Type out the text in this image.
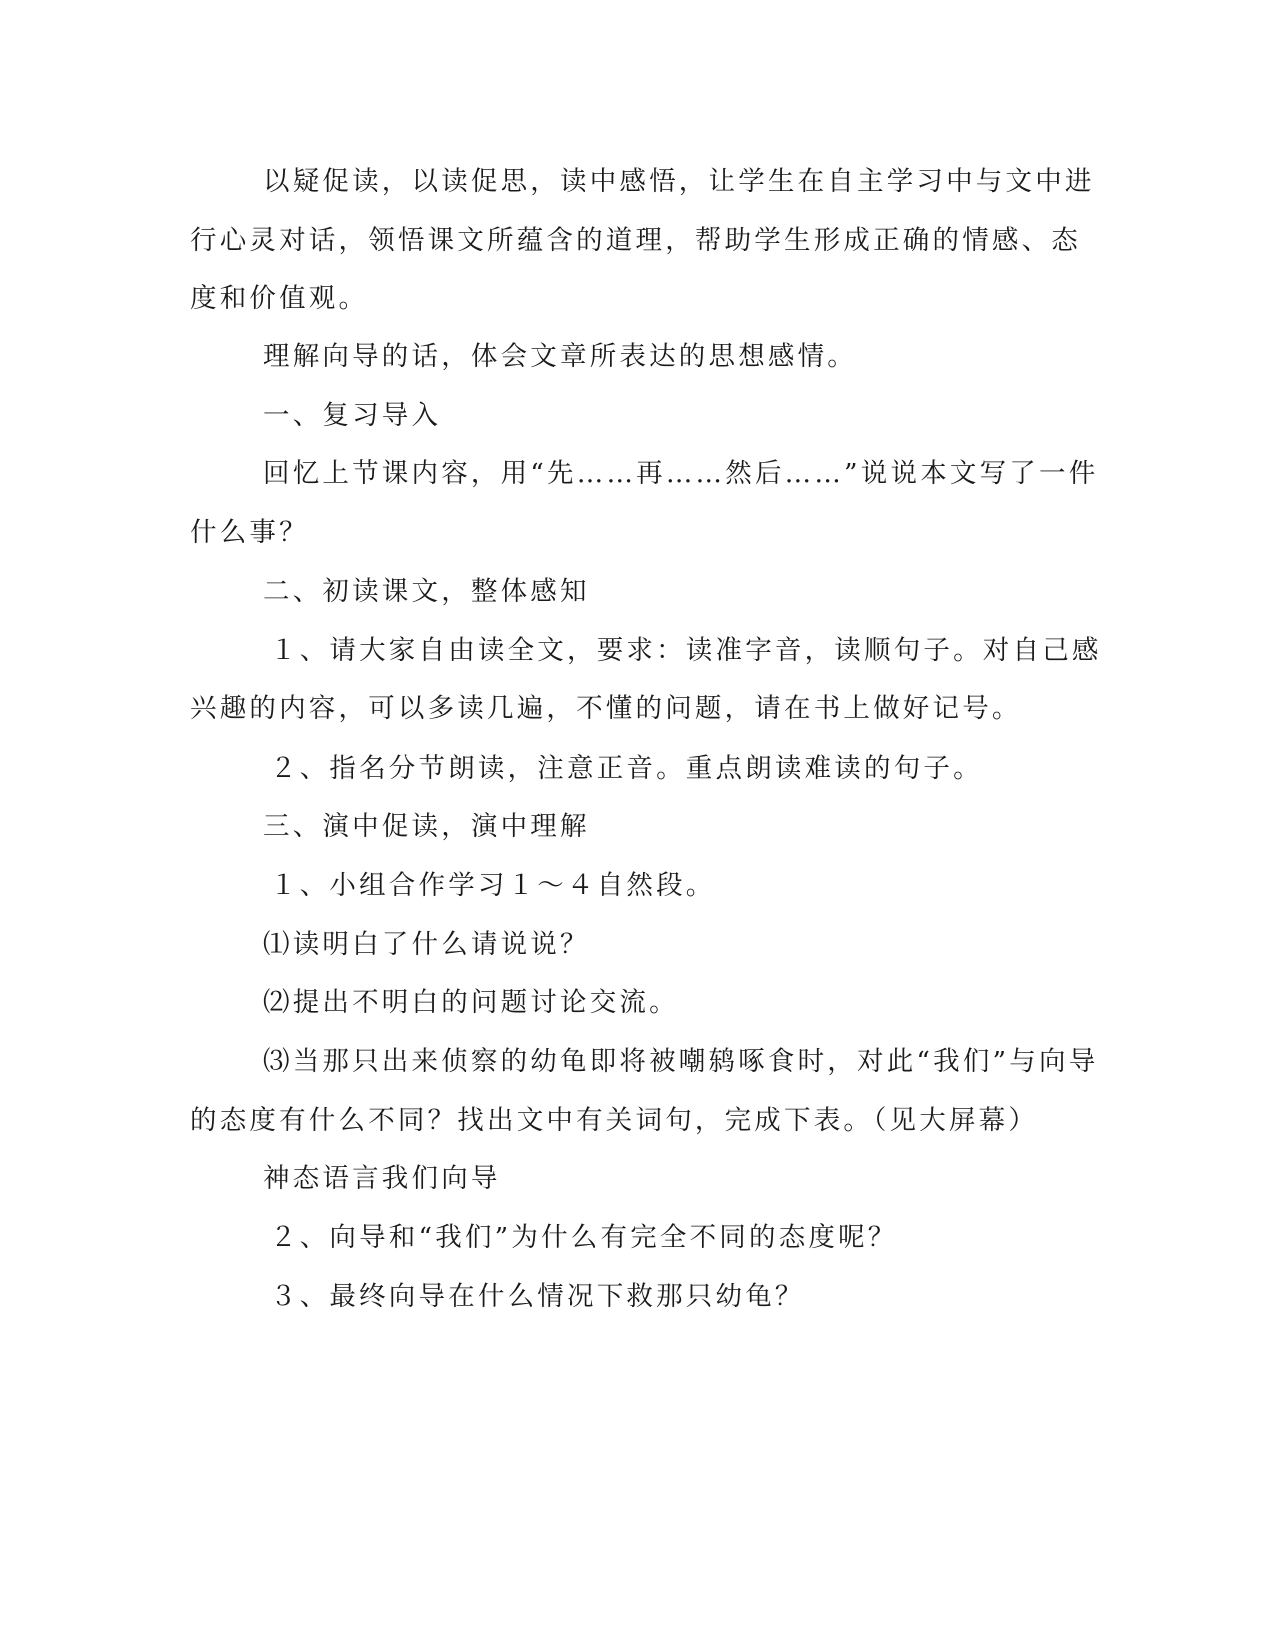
以疑促读，以读促思，读中感悟，让学生在自主学习中与文中进
行心灵对话，领悟课文所蕴含的道理，帮助学生形成正确的情感、态
度和价值观。
理解向导的话，体会文章所表达的思想感情。
一、复习导入
回忆上节课内容，用“先……再……然后……”说说本文写了一件
什么事？
二、初读课文，整体感知
１、请大家自由读全文，要求：读准字音，读顺句子。对自己感
兴趣的内容，可以多读几遍，不懂的问题，请在书上做好记号。
２、指名分节朗读，注意正音。重点朗读难读的句子。
三、演中促读，演中理解
１、小组合作学习１～４自然段。
⑴读明白了什么请说说？
⑵提出不明白的问题讨论交流。
⑶当那只出来侦察的幼龟即将被嘲鸫啄食时，对此“我们”与向导
的态度有什么不同？找出文中有关词句，完成下表。（见大屏幕）
神态语言我们向导
２、向导和“我们”为什么有完全不同的态度呢？
３、最终向导在什么情况下救那只幼龟？
